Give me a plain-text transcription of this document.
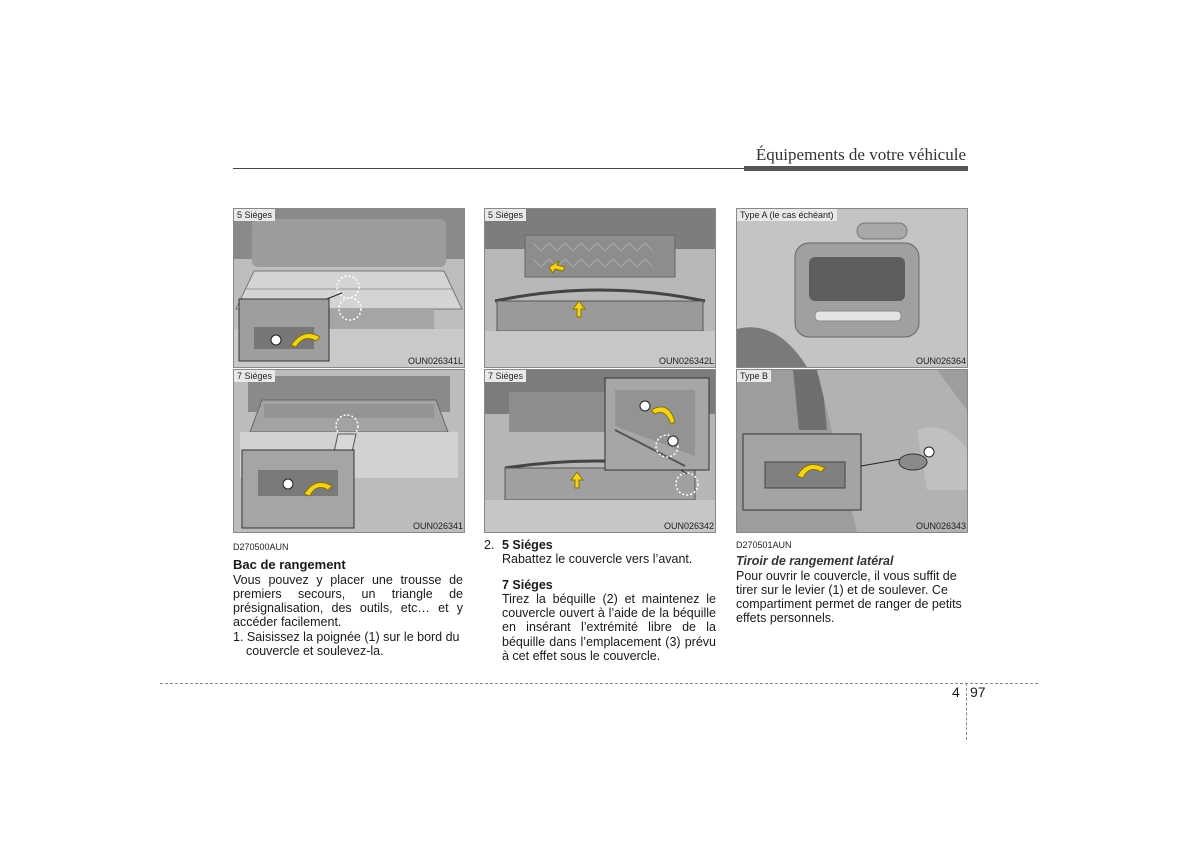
Équipements de votre véhicule
5 Siéges
OUN026341L
5 Siéges
OUN026342L
Type A (le cas échéant)
OUN026364
7 Siéges
OUN026341
7 Siéges
OUN026342
Type B
OUN026343
D270500AUN
Bac de rangement
Vous pouvez y placer une trousse de premiers secours, un triangle de présignalisation, des outils, etc… et y accéder facilement.
1. Saisissez la poignée (1) sur le bord du couvercle et soulevez-la.
2. 5 Siéges
Rabattez le couvercle vers l’avant.
7 Siéges
Tirez la béquille (2) et maintenez le couvercle ouvert à l’aide de la béquille en insérant l’extrémité libre de la béquille dans l’emplacement (3) prévu à cet effet sous le couvercle.
D270501AUN
Tiroir de rangement latéral
Pour ouvrir le couvercle, il vous suffit de tirer sur le levier (1) et de soulever. Ce compartiment permet de ranger de petits effets personnels.
4 97
